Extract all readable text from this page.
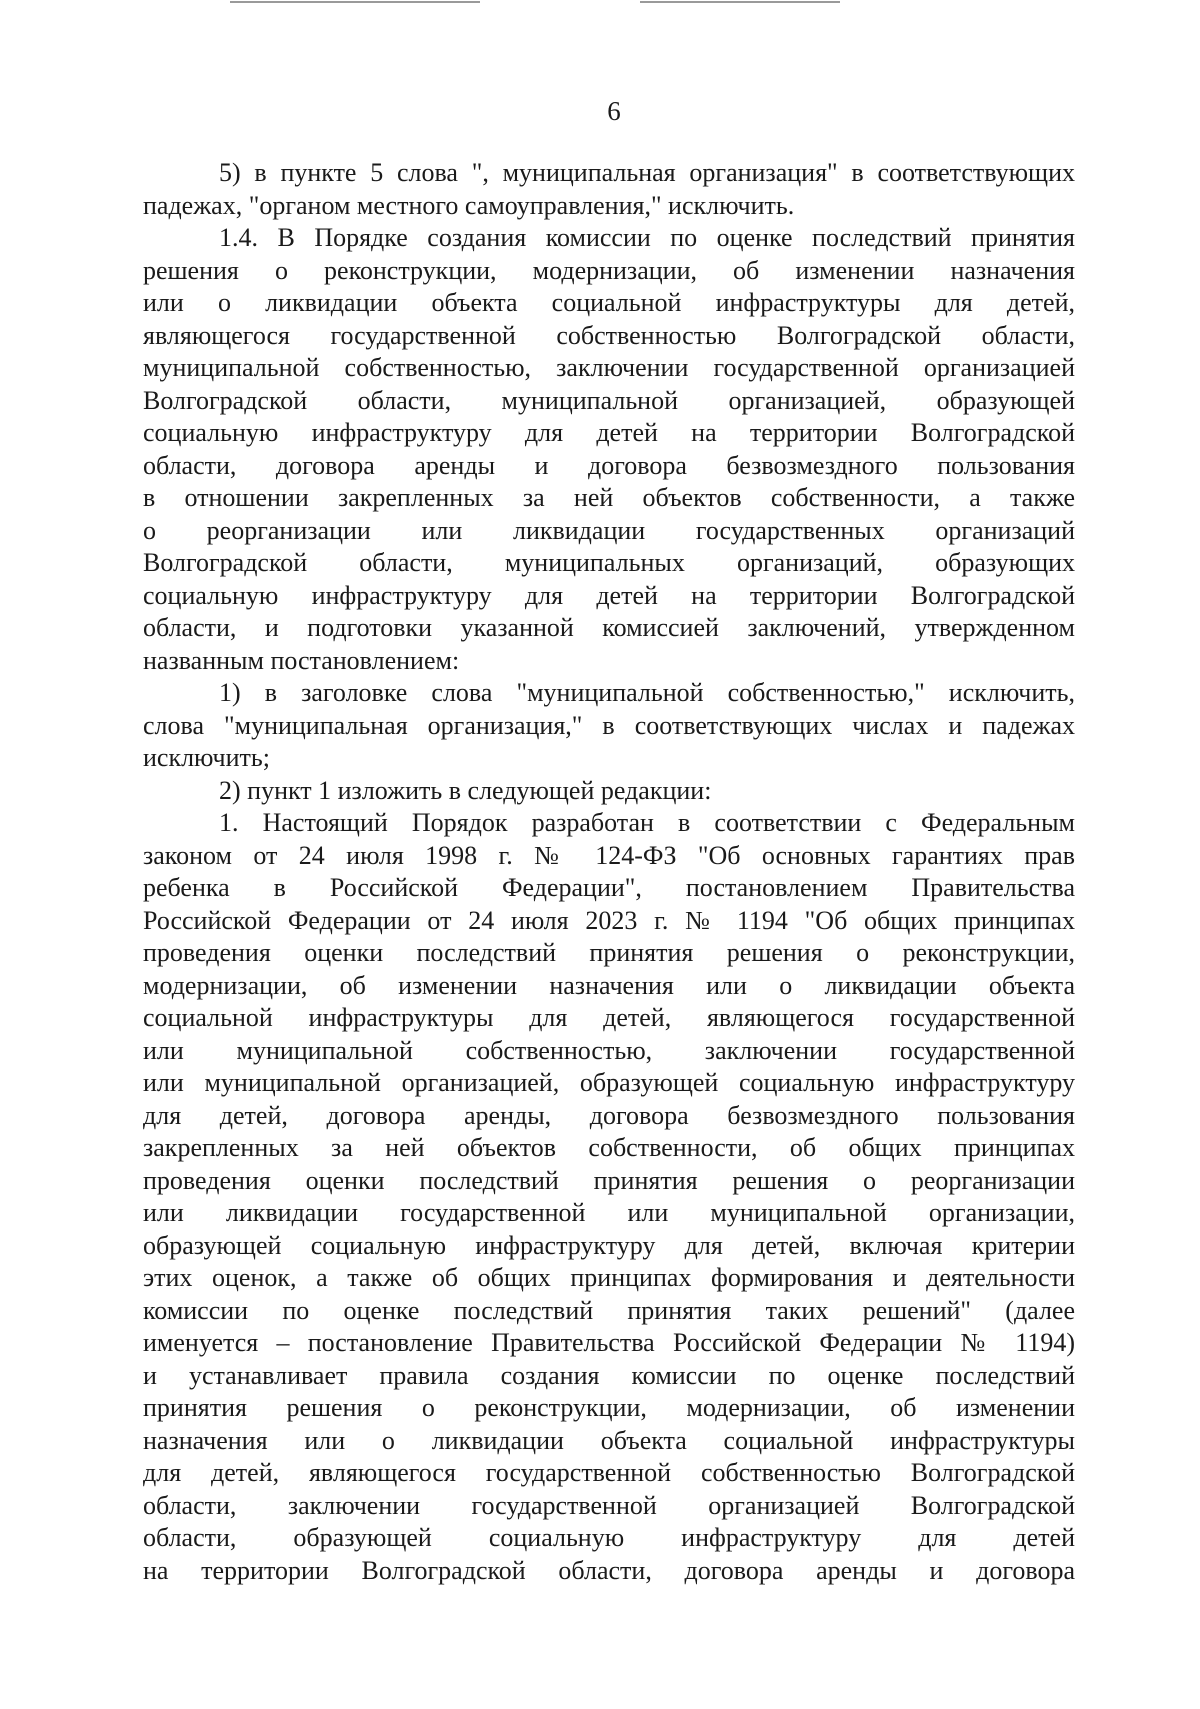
6
5) в пункте 5 слова ", муниципальная организация" в соответствующих
падежах, "органом местного самоуправления," исключить.
1.4. В Порядке создания комиссии по оценке последствий принятия
решения о реконструкции, модернизации, об изменении назначения
или о ликвидации объекта социальной инфраструктуры для детей,
являющегося государственной собственностью Волгоградской области,
муниципальной собственностью, заключении государственной организацией
Волгоградской области, муниципальной организацией, образующей
социальную инфраструктуру для детей на территории Волгоградской
области, договора аренды и договора безвозмездного пользования
в отношении закрепленных за ней объектов собственности, а также
о реорганизации или ликвидации государственных организаций
Волгоградской области, муниципальных организаций, образующих
социальную инфраструктуру для детей на территории Волгоградской
области, и подготовки указанной комиссией заключений, утвержденном
названным постановлением:
1) в заголовке слова "муниципальной собственностью," исключить,
слова "муниципальная организация," в соответствующих числах и падежах
исключить;
2) пункт 1 изложить в следующей редакции:
1. Настоящий Порядок разработан в соответствии с Федеральным
законом от 24 июля 1998 г. № 124-ФЗ "Об основных гарантиях прав
ребенка в Российской Федерации", постановлением Правительства
Российской Федерации от 24 июля 2023 г. № 1194 "Об общих принципах
проведения оценки последствий принятия решения о реконструкции,
модернизации, об изменении назначения или о ликвидации объекта
социальной инфраструктуры для детей, являющегося государственной
или муниципальной собственностью, заключении государственной
или муниципальной организацией, образующей социальную инфраструктуру
для детей, договора аренды, договора безвозмездного пользования
закрепленных за ней объектов собственности, об общих принципах
проведения оценки последствий принятия решения о реорганизации
или ликвидации государственной или муниципальной организации,
образующей социальную инфраструктуру для детей, включая критерии
этих оценок, а также об общих принципах формирования и деятельности
комиссии по оценке последствий принятия таких решений" (далее
именуется – постановление Правительства Российской Федерации № 1194)
и устанавливает правила создания комиссии по оценке последствий
принятия решения о реконструкции, модернизации, об изменении
назначения или о ликвидации объекта социальной инфраструктуры
для детей, являющегося государственной собственностью Волгоградской
области, заключении государственной организацией Волгоградской
области, образующей социальную инфраструктуру для детей
на территории Волгоградской области, договора аренды и договора
